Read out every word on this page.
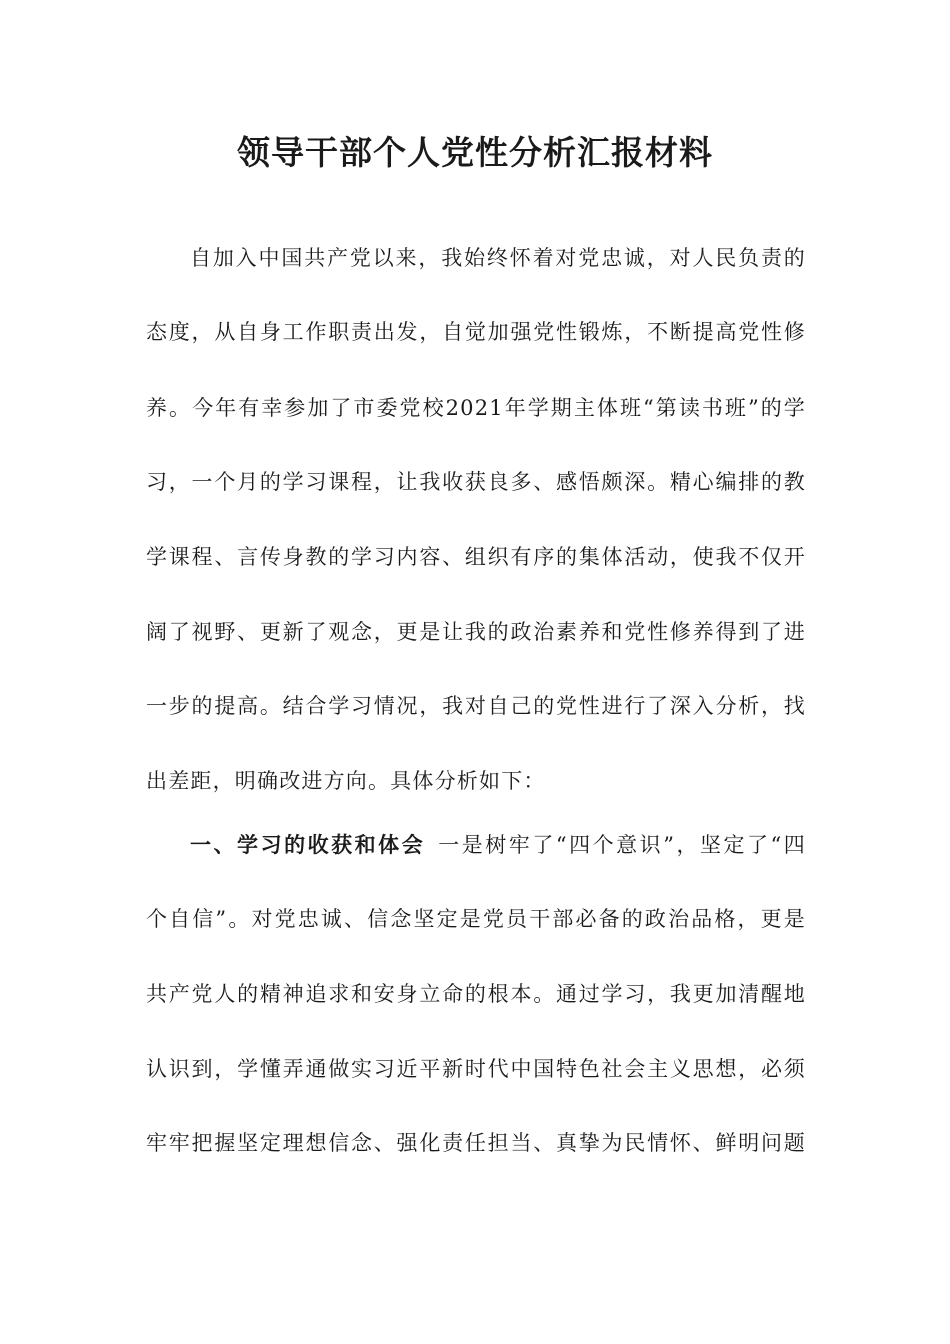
领导干部个人党性分析汇报材料
自加入中国共产党以来，我始终怀着对党忠诚，对人民负责的
态度，从自身工作职责出发，自觉加强党性锻炼，不断提高党性修
养。今年有幸参加了市委党校2021年学期主体班“第读书班”的学
习，一个月的学习课程，让我收获良多、感悟颇深。精心编排的教
学课程、言传身教的学习内容、组织有序的集体活动，使我不仅开
阔了视野、更新了观念，更是让我的政治素养和党性修养得到了进
一步的提高。结合学习情况，我对自己的党性进行了深入分析，找
出差距，明确改进方向。具体分析如下：
一、学习的收获和体会  一是树牢了“四个意识”，坚定了“四
个自信”。对党忠诚、信念坚定是党员干部必备的政治品格，更是
共产党人的精神追求和安身立命的根本。通过学习，我更加清醒地
认识到，学懂弄通做实习近平新时代中国特色社会主义思想，必须
牢牢把握坚定理想信念、强化责任担当、真挚为民情怀、鲜明问题
